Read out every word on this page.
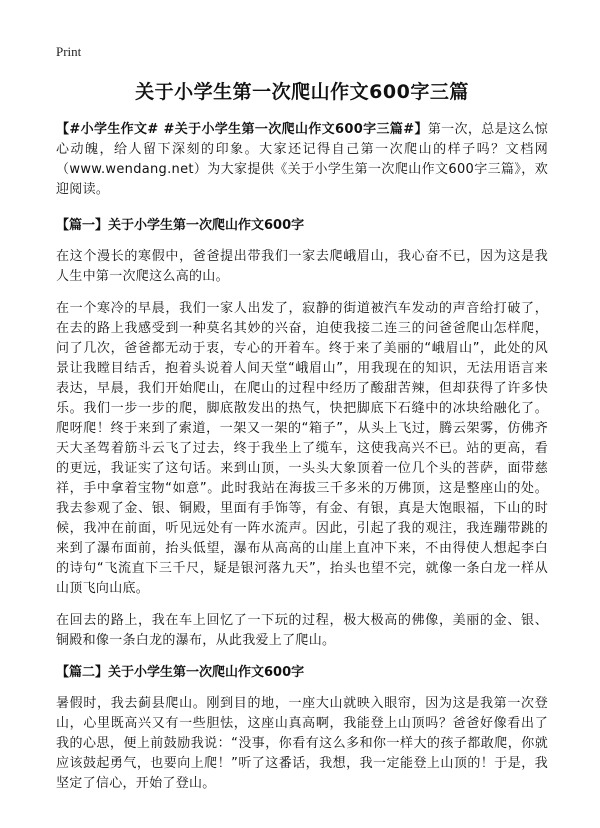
Print
关于小学生第一次爬山作文600字三篇

【#小学生作文# #关于小学生第一次爬山作文600字三篇#】第一次，总是这么惊心动魄，给人留下深刻的印象。大家还记得自己第一次爬山的样子吗？文档网（www.wendang.net）为大家提供《关于小学生第一次爬山作文600字三篇》，欢迎阅读。

【篇一】关于小学生第一次爬山作文600字

在这个漫长的寒假中，爸爸提出带我们一家去爬峨眉山，我心奋不已，因为这是我人生中第一次爬这么高的山。

在一个寒冷的早晨，我们一家人出发了，寂静的街道被汽车发动的声音给打破了，在去的路上我感受到一种莫名其妙的兴奋，迫使我接二连三的问爸爸爬山怎样爬，问了几次，爸爸都无动于衷，专心的开着车。终于来了美丽的“峨眉山”，此处的风景让我瞠目结舌，抱着头说着人间天堂“峨眉山”，用我现在的知识，无法用语言来表达，早晨，我们开始爬山，在爬山的过程中经历了酸甜苦辣，但却获得了许多快乐。我们一步一步的爬，脚底散发出的热气，快把脚底下石缝中的冰块给融化了。爬呀爬！终于来到了索道，一架又一架的“箱子”，从头上飞过，腾云架雾，仿佛齐天大圣驾着筋斗云飞了过去，终于我坐上了缆车，这使我高兴不已。站的更高，看的更远，我证实了这句话。来到山顶，一头头大象顶着一位几个头的菩萨，面带慈祥，手中拿着宝物“如意”。此时我站在海拔三千多米的万佛顶，这是整座山的处。我去参观了金、银、铜殿，里面有手饰等，有金、有银，真是大饱眼福，下山的时候，我冲在前面，听见远处有一阵水流声。因此，引起了我的观注，我连蹦带跳的来到了瀑布面前，抬头低望，瀑布从高高的山崖上直冲下来，不由得使人想起李白的诗句“飞流直下三千尺，疑是银河落九天”，抬头也望不完，就像一条白龙一样从山顶飞向山底。

在回去的路上，我在车上回忆了一下玩的过程，极大极高的佛像，美丽的金、银、铜殿和像一条白龙的瀑布，从此我爱上了爬山。

【篇二】关于小学生第一次爬山作文600字

暑假时，我去蓟县爬山。刚到目的地，一座大山就映入眼帘，因为这是我第一次登山，心里既高兴又有一些胆怯，这座山真高啊，我能登上山顶吗？爸爸好像看出了我的心思，便上前鼓励我说：“没事，你看有这么多和你一样大的孩子都敢爬，你就应该鼓起勇气，也要向上爬！”听了这番话，我想，我一定能登上山顶的！于是，我坚定了信心，开始了登山。
